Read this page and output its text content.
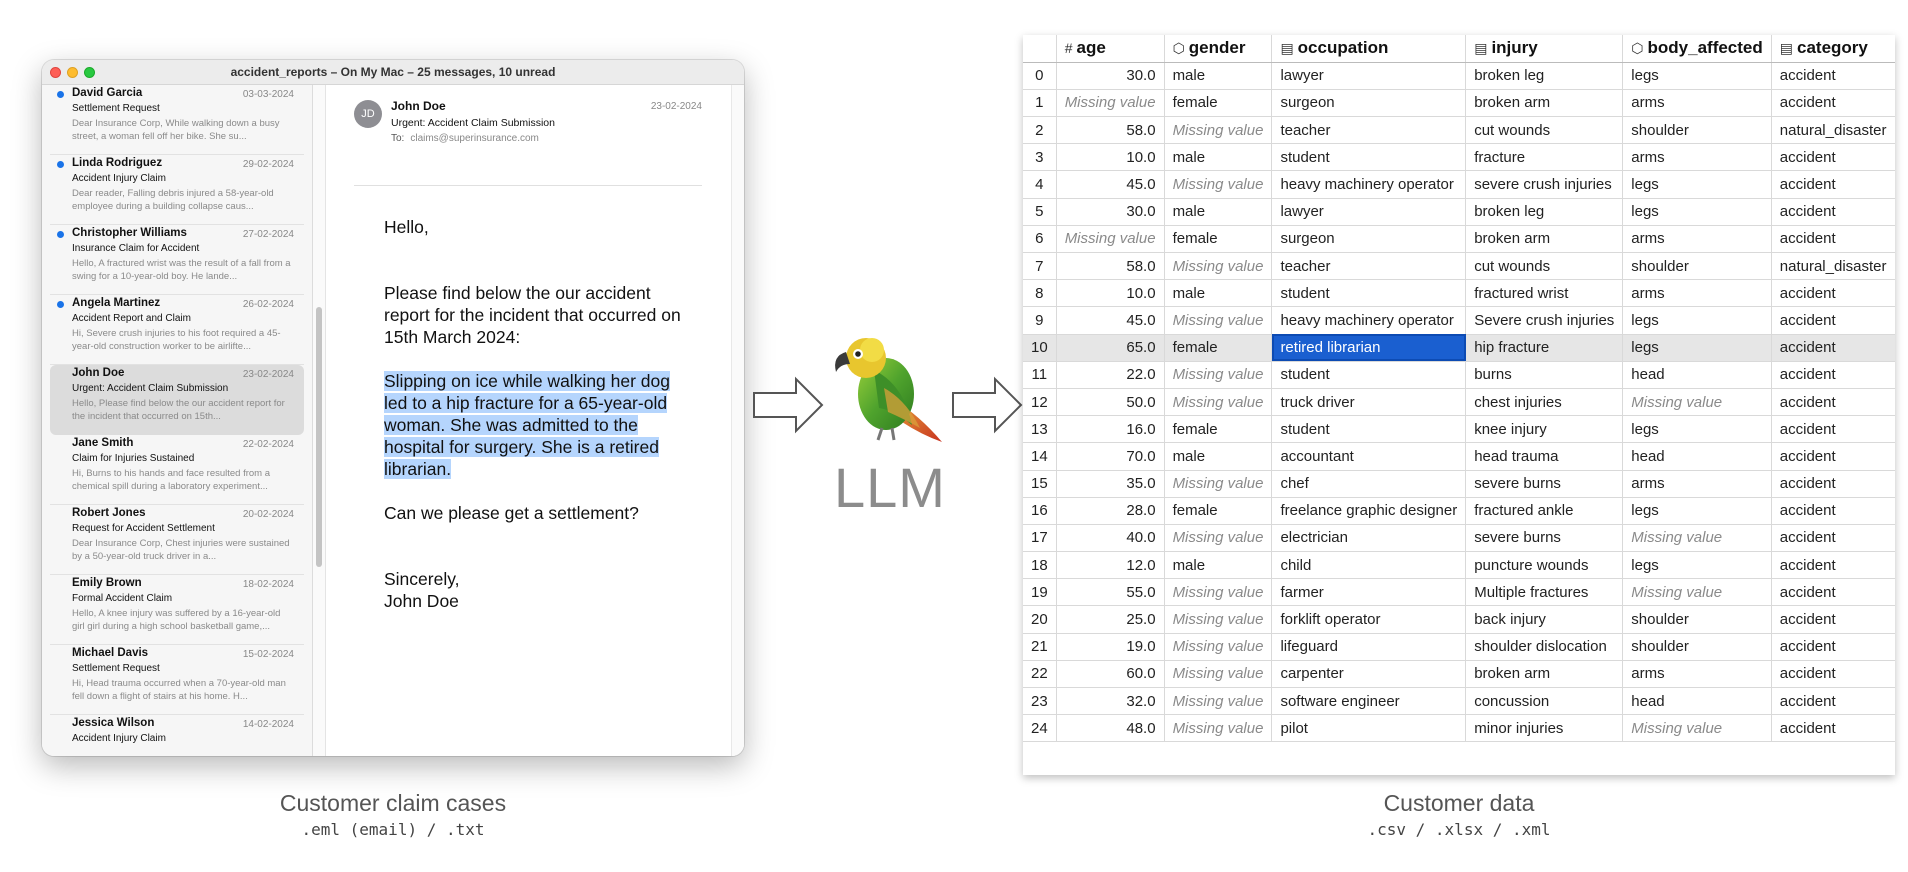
accident_reports – On My Mac – 25 messages, 10 unread
David Garcia	03-03-2024
Settlement Request
Dear Insurance Corp, While walking down a busy street, a woman fell off her bike. She su...
Linda Rodriguez	29-02-2024
Accident Injury Claim
Dear reader, Falling debris injured a 58-year-old employee during a building collapse caus...
Christopher Williams	27-02-2024
Insurance Claim for Accident
Hello, A fractured wrist was the result of a fall from a swing for a 10-year-old boy. He lande...
Angela Martinez	26-02-2024
Accident Report and Claim
Hi, Severe crush injuries to his foot required a 45-year-old construction worker to be airlifte...
John Doe	23-02-2024
Urgent: Accident Claim Submission
Hello, Please find below the our accident report for the incident that occurred on 15th...
Jane Smith	22-02-2024
Claim for Injuries Sustained
Hi, Burns to his hands and face resulted from a chemical spill during a laboratory experiment...
Robert Jones	20-02-2024
Request for Accident Settlement
Dear Insurance Corp, Chest injuries were sustained by a 50-year-old truck driver in a...
Emily Brown	18-02-2024
Formal Accident Claim
Hello, A knee injury was suffered by a 16-year-old girl girl during a high school basketball game,...
Michael Davis	15-02-2024
Settlement Request
Hi, Head trauma occurred when a 70-year-old man fell down a flight of stairs at his home. H...
Jessica Wilson	14-02-2024
Accident Injury Claim
JD
John Doe	23-02-2024
Urgent: Accident Claim Submission
To: claims@superinsurance.com

Hello,

Please find below the our accident report for the incident that occurred on 15th March 2024:

Slipping on ice while walking her dog led to a hip fracture for a 65-year-old woman. She was admitted to the hospital for surgery. She is a retired librarian.

Can we please get a settlement?

Sincerely,

John Doe

LLM
	# age	⬡ gender	▤ occupation	▤ injury	⬡ body_affected	▤ category
0	30.0	male	lawyer	broken leg	legs	accident
1	Missing value	female	surgeon	broken arm	arms	accident
2	58.0	Missing value	teacher	cut wounds	shoulder	natural_disaster
3	10.0	male	student	fracture	arms	accident
4	45.0	Missing value	heavy machinery operator	severe crush injuries	legs	accident
5	30.0	male	lawyer	broken leg	legs	accident
6	Missing value	female	surgeon	broken arm	arms	accident
7	58.0	Missing value	teacher	cut wounds	shoulder	natural_disaster
8	10.0	male	student	fractured wrist	arms	accident
9	45.0	Missing value	heavy machinery operator	Severe crush injuries	legs	accident
10	65.0	female	retired librarian	hip fracture	legs	accident
11	22.0	Missing value	student	burns	head	accident
12	50.0	Missing value	truck driver	chest injuries	Missing value	accident
13	16.0	female	student	knee injury	legs	accident
14	70.0	male	accountant	head trauma	head	accident
15	35.0	Missing value	chef	severe burns	arms	accident
16	28.0	female	freelance graphic designer	fractured ankle	legs	accident
17	40.0	Missing value	electrician	severe burns	Missing value	accident
18	12.0	male	child	puncture wounds	legs	accident
19	55.0	Missing value	farmer	Multiple fractures	Missing value	accident
20	25.0	Missing value	forklift operator	back injury	shoulder	accident
21	19.0	Missing value	lifeguard	shoulder dislocation	shoulder	accident
22	60.0	Missing value	carpenter	broken arm	arms	accident
23	32.0	Missing value	software engineer	concussion	head	accident
24	48.0	Missing value	pilot	minor injuries	Missing value	accident
Customer claim cases
.eml (email) / .txt
Customer data
.csv / .xlsx / .xml
